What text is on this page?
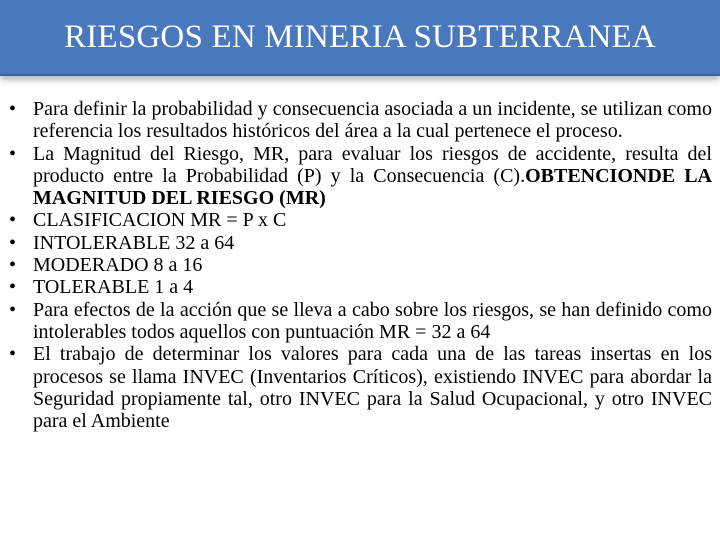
RIESGOS EN MINERIA SUBTERRANEA
• Para definir la probabilidad y consecuencia asociada a un incidente, se utilizan como referencia los resultados históricos del área a la cual pertenece el proceso.
• La Magnitud del Riesgo, MR, para evaluar los riesgos de accidente, resulta del producto entre la Probabilidad (P) y la Consecuencia (C).OBTENCIONDE LA MAGNITUD DEL RIESGO (MR)
• CLASIFICACION MR = P x C
• INTOLERABLE 32 a 64
• MODERADO 8 a 16
• TOLERABLE 1 a 4
• Para efectos de la acción que se lleva a cabo sobre los riesgos, se han definido como intolerables todos aquellos con puntuación MR = 32 a 64
• El trabajo de determinar los valores para cada una de las tareas insertas en los procesos se llama INVEC (Inventarios Críticos), existiendo INVEC para abordar la Seguridad propiamente tal, otro INVEC para la Salud Ocupacional, y otro INVEC para el Ambiente
